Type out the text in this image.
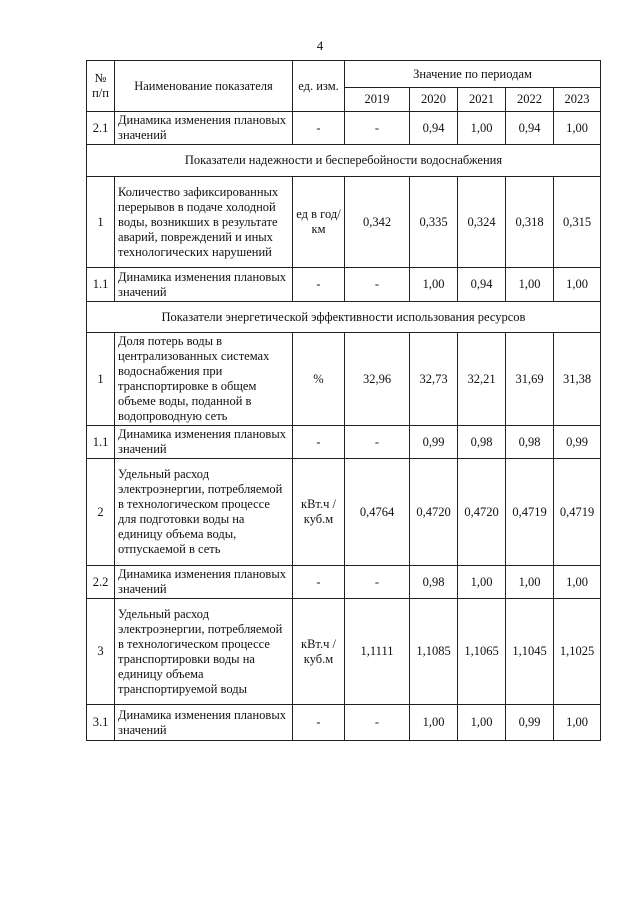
4
№ п/п	Наименование показателя	ед. изм.	Значение по периодам				
			2019	2020	2021	2022	2023
2.1	Динамика изменения плановых значений	-	-	0,94	1,00	0,94	1,00
Показатели надежности и бесперебойности водоснабжения							
1	Количество зафиксированных перерывов в подаче холодной воды, возникших в результате аварий, повреждений и иных технологических нарушений	ед в год/ км	0,342	0,335	0,324	0,318	0,315
1.1	Динамика изменения плановых значений	-	-	1,00	0,94	1,00	1,00
Показатели энергетической эффективности использования ресурсов							
1	Доля потерь воды в централизованных системах водоснабжения при транспортировке в общем объеме воды, поданной в водопроводную сеть	%	32,96	32,73	32,21	31,69	31,38
1.1	Динамика изменения плановых значений	-	-	0,99	0,98	0,98	0,99
2	Удельный расход электроэнергии, потребляемой в технологическом процессе для подготовки воды на единицу объема воды, отпускаемой в сеть	кВт.ч / куб.м	0,4764	0,4720	0,4720	0,4719	0,4719
2.2	Динамика изменения плановых значений	-	-	0,98	1,00	1,00	1,00
3	Удельный расход электроэнергии, потребляемой в технологическом процессе транспортировки воды на единицу объема транспортируемой воды	кВт.ч / куб.м	1,1111	1,1085	1,1065	1,1045	1,1025
3.1	Динамика изменения плановых значений	-	-	1,00	1,00	0,99	1,00
